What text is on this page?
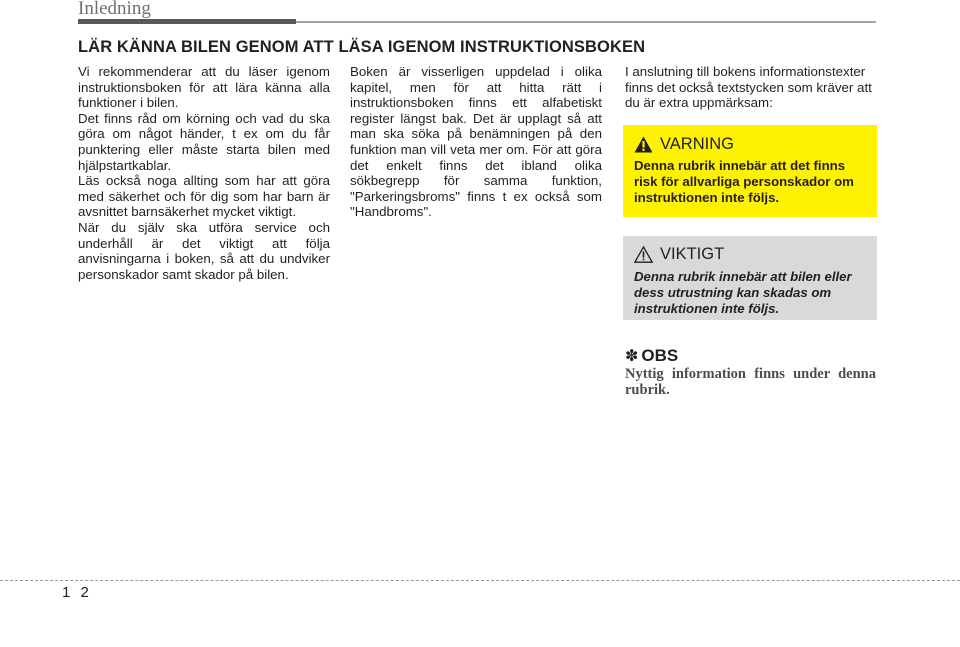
Inledning
LÄR KÄNNA BILEN GENOM ATT LÄSA IGENOM INSTRUKTIONSBOKEN

Vi rekommenderar att du läser igenom instruktionsboken för att lära känna alla funktioner i bilen.

Det finns råd om körning och vad du ska göra om något händer, t ex om du får punktering eller måste starta bilen med hjälpstartkablar.

Läs också noga allting som har att göra med säkerhet och för dig som har barn är avsnittet barnsäkerhet mycket viktigt.

När du själv ska utföra service och underhåll är det viktigt att följa anvisningarna i boken, så att du undviker personskador samt skador på bilen.

Boken är visserligen uppdelad i olika kapitel, men för att hitta rätt i instruktionsboken finns ett alfabetiskt register längst bak. Det är upplagt så att man ska söka på benämningen på den funktion man vill veta mer om. För att göra det enkelt finns det ibland olika sökbegrepp för samma funktion, "Parkeringsbroms" finns t ex också som "Handbroms".

I anslutning till bokens informationstexter finns det också textstycken som kräver att du är extra uppmärksam:

VARNING

Denna rubrik innebär att det finns risk för allvarliga personskador om instruktionen inte följs.

VIKTIGT

Denna rubrik innebär att bilen eller dess utrustning kan skadas om instruktionen inte följs.

✽ OBS

Nyttig information finns under denna rubrik.

1 2
